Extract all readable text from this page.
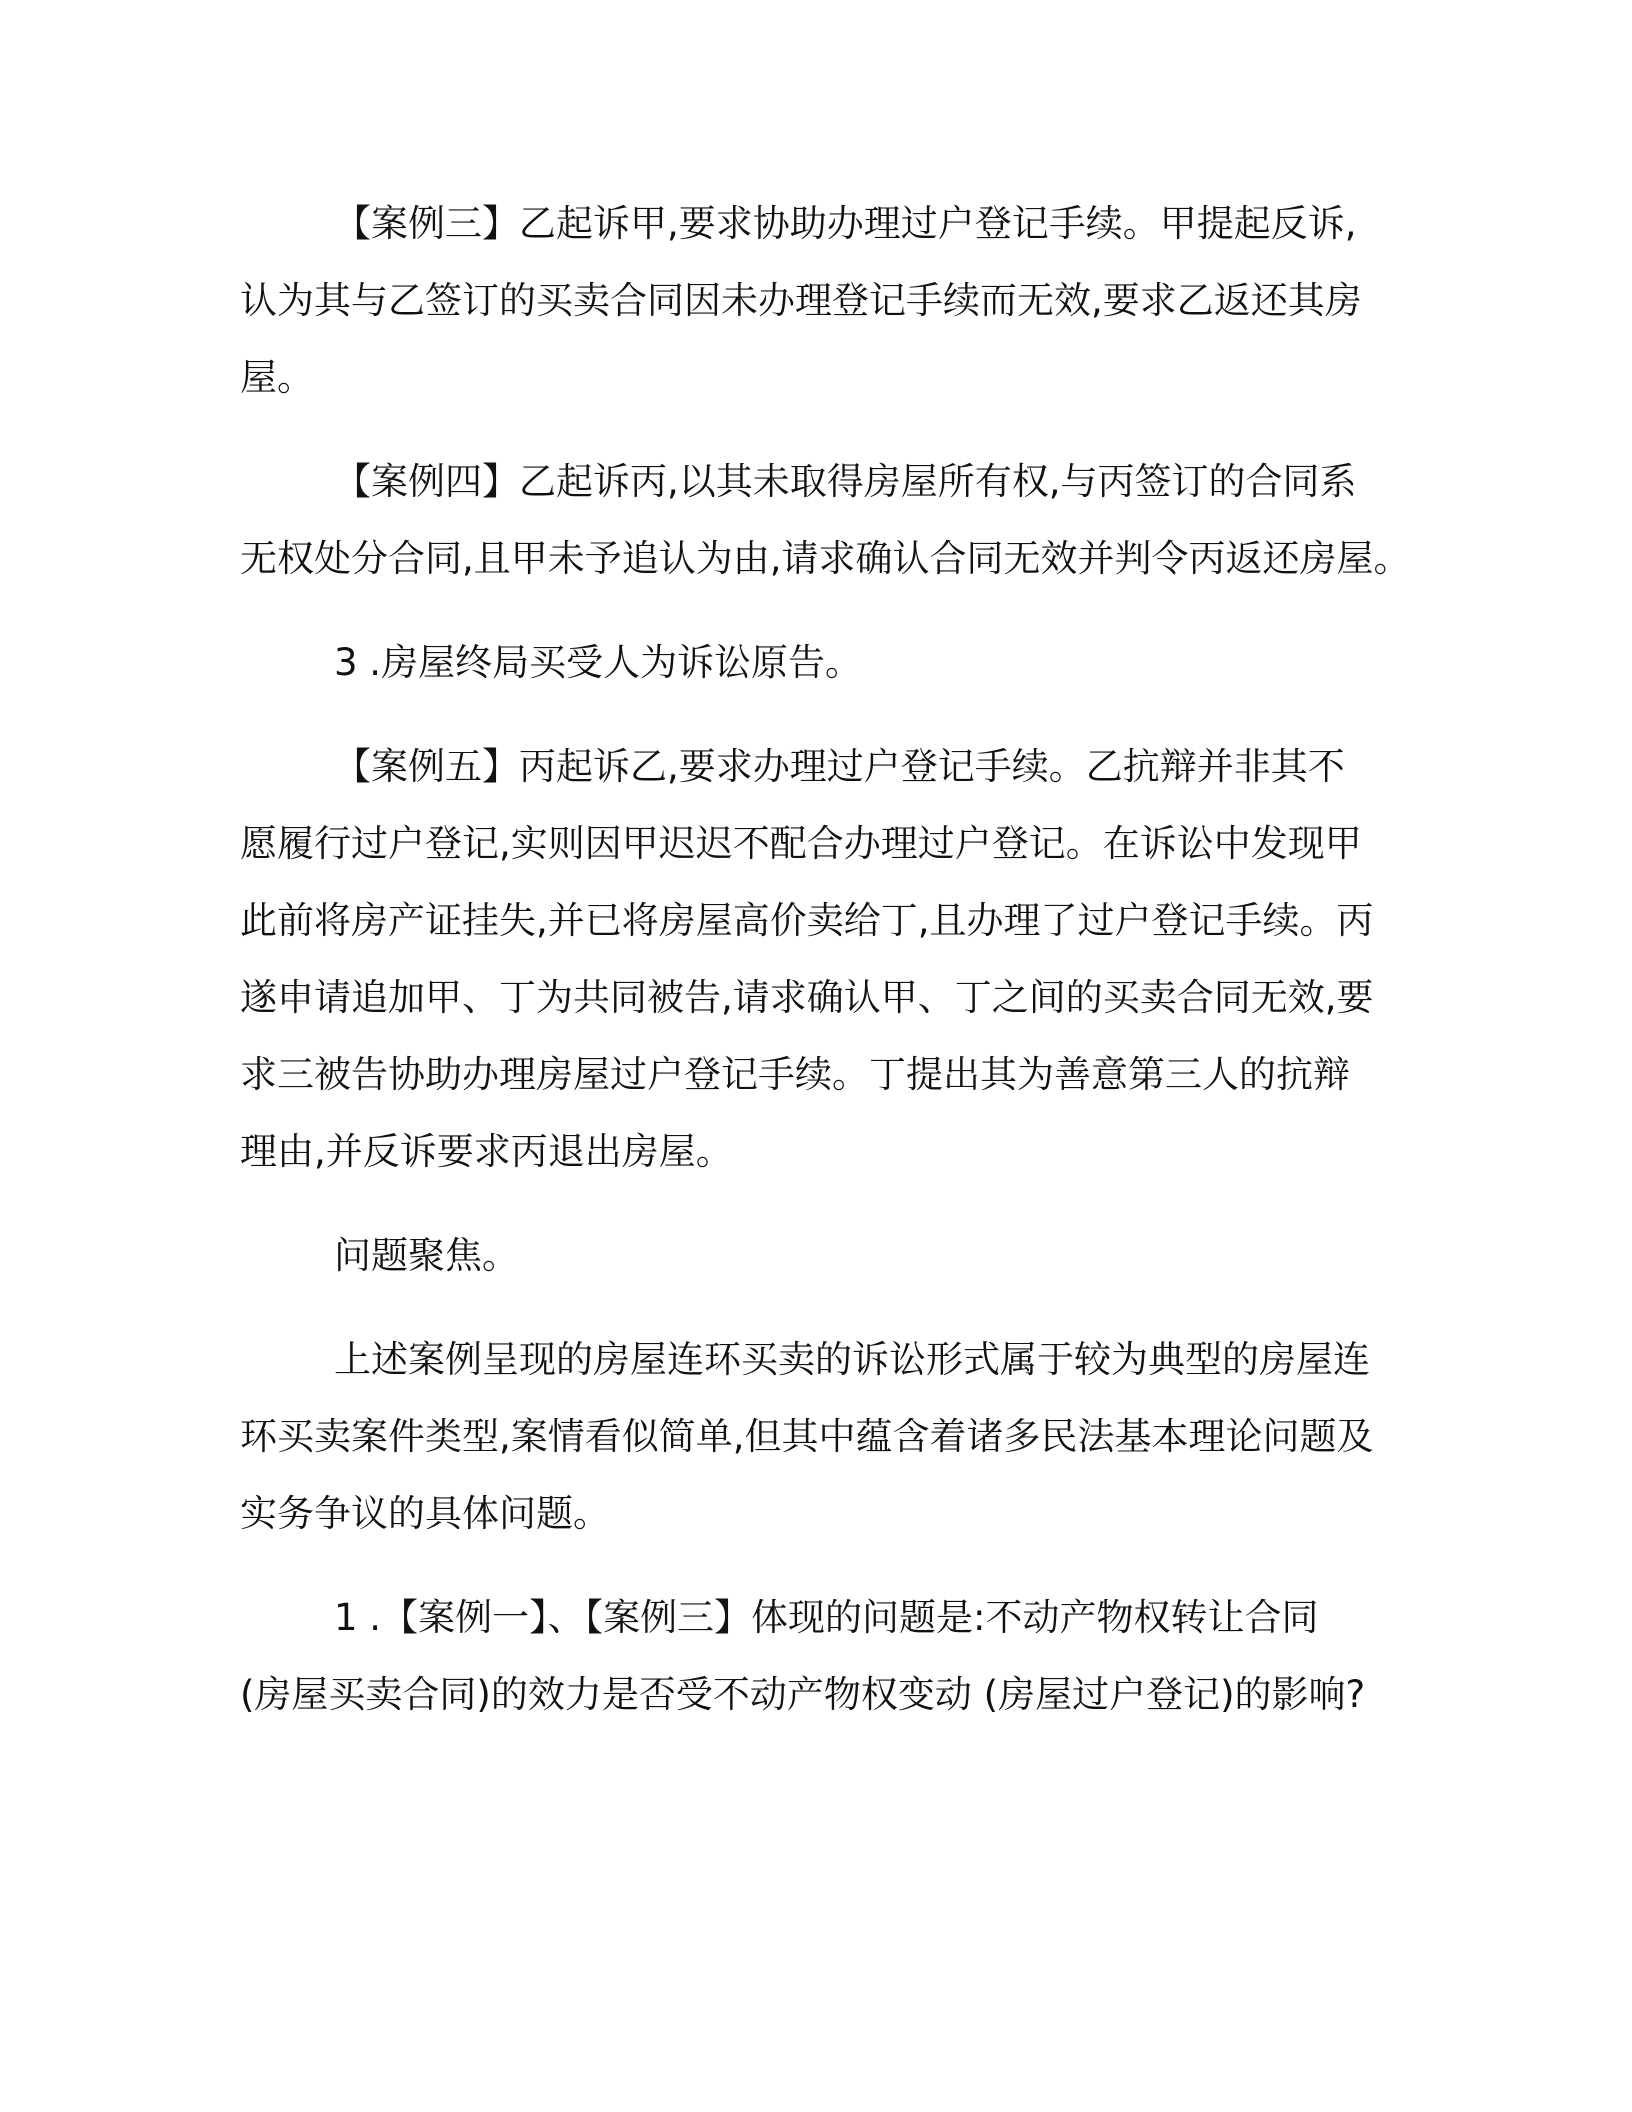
【案例三】乙起诉甲,要求协助办理过户登记手续。甲提起反诉,
认为其与乙签订的买卖合同因未办理登记手续而无效,要求乙返还其房
屋。
【案例四】乙起诉丙,以其未取得房屋所有权,与丙签订的合同系
无权处分合同,且甲未予追认为由,请求确认合同无效并判令丙返还房屋。
3 .房屋终局买受人为诉讼原告。
【案例五】丙起诉乙,要求办理过户登记手续。乙抗辩并非其不
愿履行过户登记,实则因甲迟迟不配合办理过户登记。在诉讼中发现甲
此前将房产证挂失,并已将房屋高价卖给丁,且办理了过户登记手续。丙
遂申请追加甲、丁为共同被告,请求确认甲、丁之间的买卖合同无效,要
求三被告协助办理房屋过户登记手续。丁提出其为善意第三人的抗辩
理由,并反诉要求丙退出房屋。
问题聚焦。
上述案例呈现的房屋连环买卖的诉讼形式属于较为典型的房屋连
环买卖案件类型,案情看似简单,但其中蕴含着诸多民法基本理论问题及
实务争议的具体问题。
1 .【案例一】、【案例三】体现的问题是:不动产物权转让合同
(房屋买卖合同)的效力是否受不动产物权变动 (房屋过户登记)的影响?
